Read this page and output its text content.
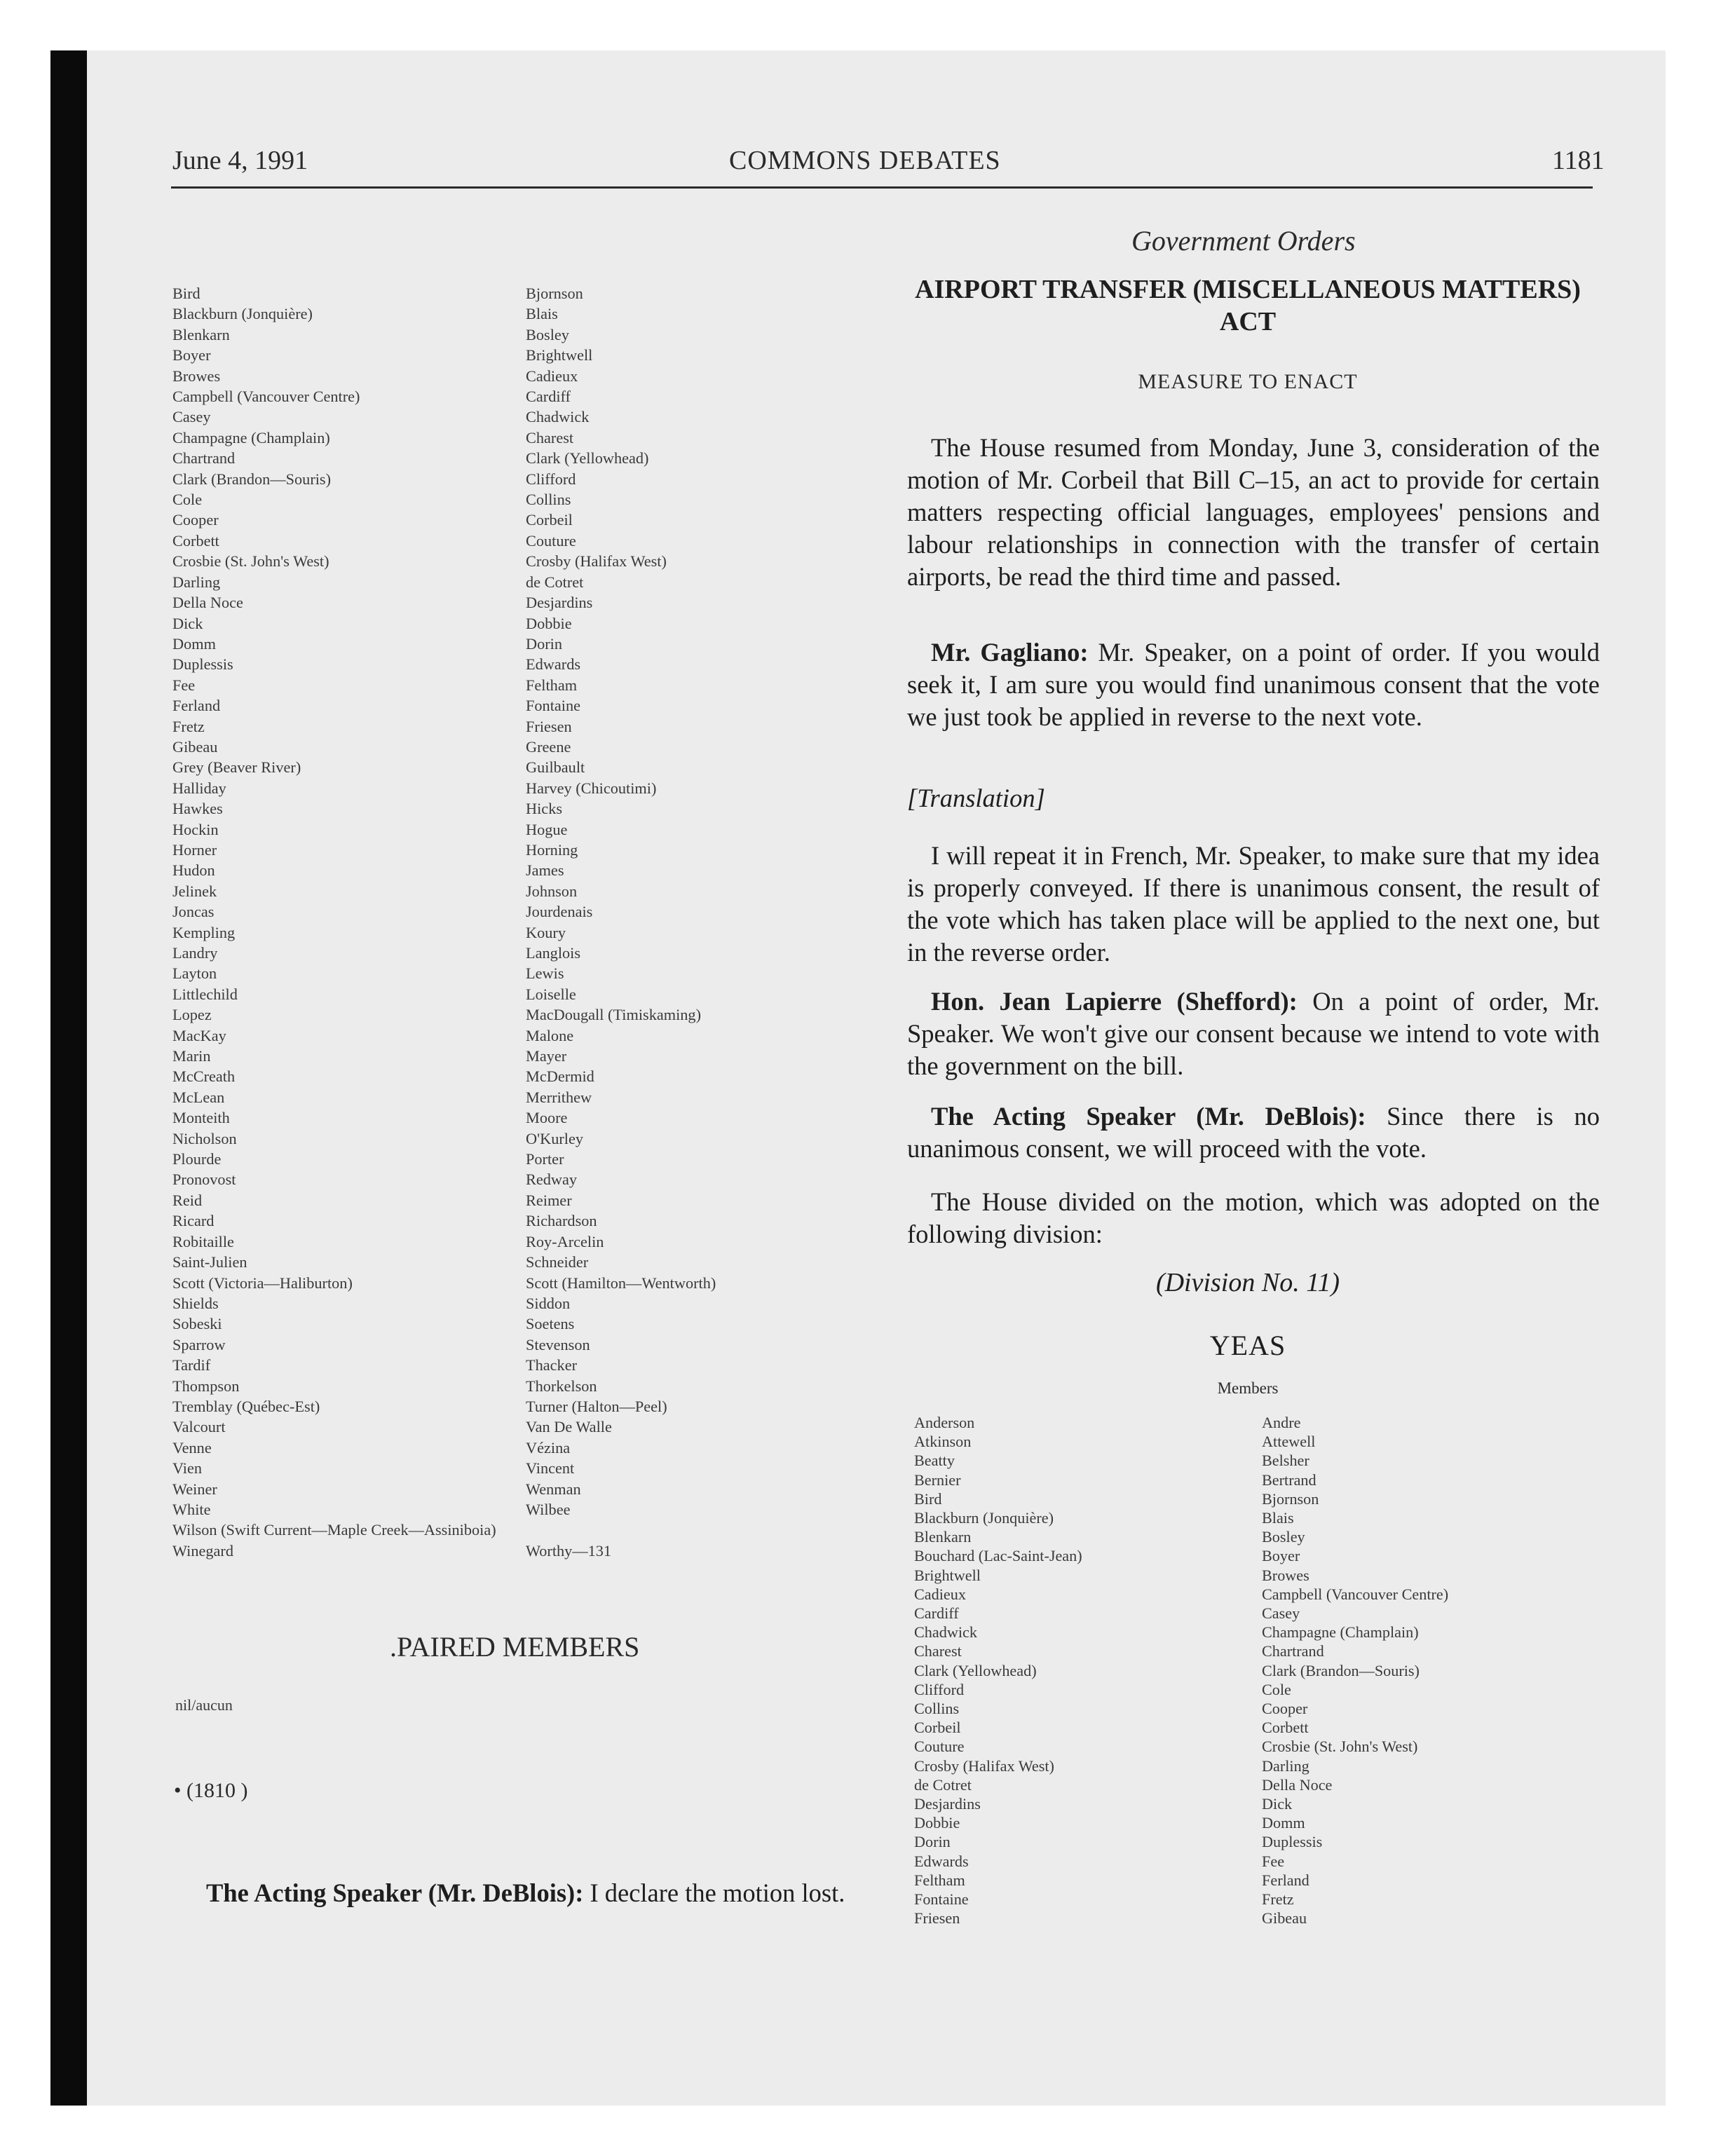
June 4, 1991	COMMONS DEBATES	1181
Bird
Blackburn (Jonquière)
Blenkarn
Boyer
Browes
Campbell (Vancouver Centre)
Casey
Champagne (Champlain)
Chartrand
Clark (Brandon—Souris)
Cole
Cooper
Corbett
Crosbie (St. John's West)
Darling
Della Noce
Dick
Domm
Duplessis
Fee
Ferland
Fretz
Gibeau
Grey (Beaver River)
Halliday
Hawkes
Hockin
Horner
Hudon
Jelinek
Joncas
Kempling
Landry
Layton
Littlechild
Lopez
MacKay
Marin
McCreath
McLean
Monteith
Nicholson
Plourde
Pronovost
Reid
Ricard
Robitaille
Saint-Julien
Scott (Victoria—Haliburton)
Shields
Sobeski
Sparrow
Tardif
Thompson
Tremblay (Québec-Est)
Valcourt
Venne
Vien
Weiner
White
Wilson (Swift Current—Maple Creek—Assiniboia)
Winegard
Bjornson
Blais
Bosley
Brightwell
Cadieux
Cardiff
Chadwick
Charest
Clark (Yellowhead)
Clifford
Collins
Corbeil
Couture
Crosby (Halifax West)
de Cotret
Desjardins
Dobbie
Dorin
Edwards
Feltham
Fontaine
Friesen
Greene
Guilbault
Harvey (Chicoutimi)
Hicks
Hogue
Horning
James
Johnson
Jourdenais
Koury
Langlois
Lewis
Loiselle
MacDougall (Timiskaming)
Malone
Mayer
McDermid
Merrithew
Moore
O'Kurley
Porter
Redway
Reimer
Richardson
Roy-Arcelin
Schneider
Scott (Hamilton—Wentworth)
Siddon
Soetens
Stevenson
Thacker
Thorkelson
Turner (Halton—Peel)
Van De Walle
Vézina
Vincent
Wenman
Wilbee

Worthy—131
.PAIRED MEMBERS
nil/aucun
• (1810 )

The Acting Speaker (Mr. DeBlois): I declare the motion lost.

Government Orders
AIRPORT TRANSFER (MISCELLANEOUS MATTERS) ACT
MEASURE TO ENACT

The House resumed from Monday, June 3, consideration of the motion of Mr. Corbeil that Bill C–15, an act to provide for certain matters respecting official languages, employees' pensions and labour relationships in connection with the transfer of certain airports, be read the third time and passed.

Mr. Gagliano: Mr. Speaker, on a point of order. If you would seek it, I am sure you would find unanimous consent that the vote we just took be applied in reverse to the next vote.

[Translation]

I will repeat it in French, Mr. Speaker, to make sure that my idea is properly conveyed. If there is unanimous consent, the result of the vote which has taken place will be applied to the next one, but in the reverse order.

Hon. Jean Lapierre (Shefford): On a point of order, Mr. Speaker. We won't give our consent because we intend to vote with the government on the bill.

The Acting Speaker (Mr. DeBlois): Since there is no unanimous consent, we will proceed with the vote.

The House divided on the motion, which was adopted on the following division:

(Division No. 11)
YEAS
Members
Anderson
Atkinson
Beatty
Bernier
Bird
Blackburn (Jonquière)
Blenkarn
Bouchard (Lac-Saint-Jean)
Brightwell
Cadieux
Cardiff
Chadwick
Charest
Clark (Yellowhead)
Clifford
Collins
Corbeil
Couture
Crosby (Halifax West)
de Cotret
Desjardins
Dobbie
Dorin
Edwards
Feltham
Fontaine
Friesen
Andre
Attewell
Belsher
Bertrand
Bjornson
Blais
Bosley
Boyer
Browes
Campbell (Vancouver Centre)
Casey
Champagne (Champlain)
Chartrand
Clark (Brandon—Souris)
Cole
Cooper
Corbett
Crosbie (St. John's West)
Darling
Della Noce
Dick
Domm
Duplessis
Fee
Ferland
Fretz
Gibeau
